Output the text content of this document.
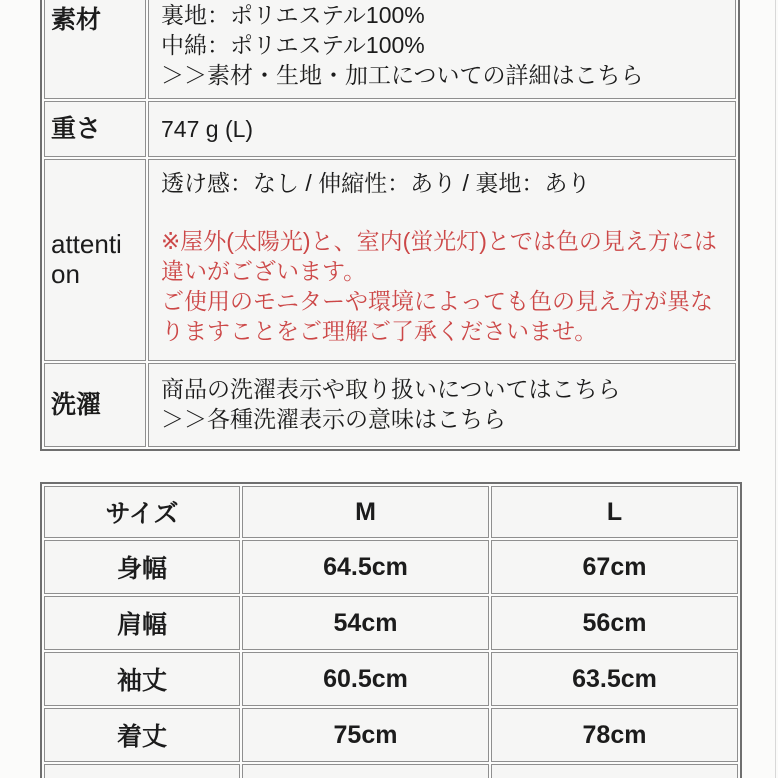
素材	裏地：ポリエステル100%
中綿：ポリエステル100%
＞＞素材・生地・加工についての詳細はこちら

重さ	747 g (L)

attention	透け感：なし / 伸縮性：あり / 裏地：あり
※屋外(太陽光)と、室内(蛍光灯)とでは色の見え方には違いがございます。
ご使用のモニターや環境によっても色の見え方が異なりますことをご理解ご了承くださいませ。

洗濯	商品の洗濯表示や取り扱いについてはこちら
＞＞各種洗濯表示の意味はこちら
サイズ	M	L
身幅	64.5cm	67cm
肩幅	54cm	56cm
袖丈	60.5cm	63.5cm
着丈	75cm	78cm
